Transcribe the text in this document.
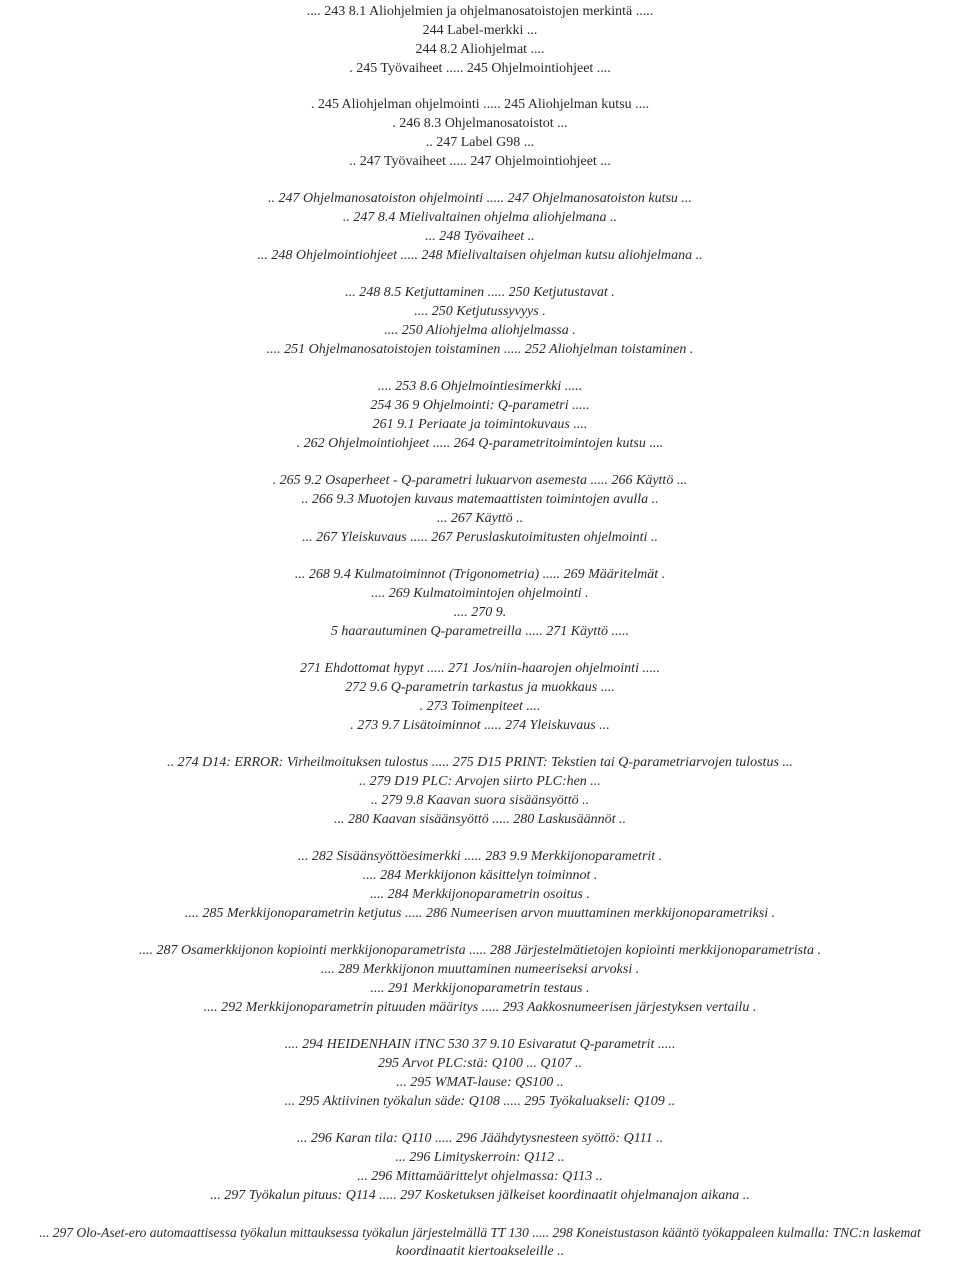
.... 243 8.1 Aliohjelmien ja ohjelmanosatoistojen merkintä .....
244 Label-merkki ...
244 8.2 Aliohjelmat ....
. 245 Työvaiheet ..... 245 Ohjelmointiohjeet ....
. 245 Aliohjelman ohjelmointi ..... 245 Aliohjelman kutsu ....
. 246 8.3 Ohjelmanosatoistot ...
.. 247 Label G98 ...
.. 247 Työvaiheet ..... 247 Ohjelmointiohjeet ...
.. 247 Ohjelmanosatoiston ohjelmointi ..... 247 Ohjelmanosatoiston kutsu ...
.. 247 8.4 Mielivaltainen ohjelma aliohjelmana ..
... 248 Työvaiheet ..
... 248 Ohjelmointiohjeet ..... 248 Mielivaltaisen ohjelman kutsu aliohjelmana ..
... 248 8.5 Ketjuttaminen ..... 250 Ketjutustavat .
.... 250 Ketjutussyvyys .
.... 250 Aliohjelma aliohjelmassa .
.... 251 Ohjelmanosatoistojen toistaminen ..... 252 Aliohjelman toistaminen .
.... 253 8.6 Ohjelmointiesimerkki .....
254 36 9 Ohjelmointi: Q-parametri .....
261 9.1 Periaate ja toimintokuvaus ....
. 262 Ohjelmointiohjeet ..... 264 Q-parametritoimintojen kutsu ....
. 265 9.2 Osaperheet - Q-parametri lukuarvon asemesta ..... 266 Käyttö ...
.. 266 9.3 Muotojen kuvaus matemaattisten toimintojen avulla ..
... 267 Käyttö ..
... 267 Yleiskuvaus ..... 267 Peruslaskutoimitusten ohjelmointi ..
... 268 9.4 Kulmatoiminnot (Trigonometria) ..... 269 Määritelmät .
.... 269 Kulmatoimintojen ohjelmointi .
.... 270 9.
5 haarautuminen Q-parametreilla ..... 271 Käyttö .....
271 Ehdottomat hypyt ..... 271 Jos/niin-haarojen ohjelmointi .....
272 9.6 Q-parametrin tarkastus ja muokkaus ....
. 273 Toimenpiteet ....
. 273 9.7 Lisätoiminnot ..... 274 Yleiskuvaus ...
.. 274 D14: ERROR: Virheilmoituksen tulostus ..... 275 D15 PRINT: Tekstien tai Q-parametriarvojen tulostus ...
.. 279 D19 PLC: Arvojen siirto PLC:hen ...
.. 279 9.8 Kaavan suora sisäänsyöttö ..
... 280 Kaavan sisäänsyöttö ..... 280 Laskusäännöt ..
... 282 Sisäänsyöttöesimerkki ..... 283 9.9 Merkkijonoparametrit .
.... 284 Merkkijonon käsittelyn toiminnot .
.... 284 Merkkijonoparametrin osoitus .
.... 285 Merkkijonoparametrin ketjutus ..... 286 Numeerisen arvon muuttaminen merkkijonoparametriksi .
.... 287 Osamerkkijonon kopiointi merkkijonoparametrista ..... 288 Järjestelmätietojen kopiointi merkkijonoparametrista .
.... 289 Merkkijonon muuttaminen numeeriseksi arvoksi .
.... 291 Merkkijonoparametrin testaus .
.... 292 Merkkijonoparametrin pituuden määritys ..... 293 Aakkosnumeerisen järjestyksen vertailu .
.... 294 HEIDENHAIN iTNC 530 37 9.10 Esivaratut Q-parametrit .....
295 Arvot PLC:stä: Q100 ... Q107 ..
... 295 WMAT-lause: QS100 ..
... 295 Aktiivinen työkalun säde: Q108 ..... 295 Työkaluakseli: Q109 ..
... 296 Karan tila: Q110 ..... 296 Jäähdytysnesteen syöttö: Q111 ..
... 296 Limityskerroin: Q112 ..
... 296 Mittamäärittelyt ohjelmassa: Q113 ..
... 297 Työkalun pituus: Q114 ..... 297 Kosketuksen jälkeiset koordinaatit ohjelmanajon aikana ..
... 297 Olo-Aset-ero automaattisessa työkalun mittauksessa työkalun järjestelmällä TT 130 ..... 298 Koneistustason kääntö työkappaleen kulmalla: TNC:n laskemat
koordinaatit kiertoakseleille ..
